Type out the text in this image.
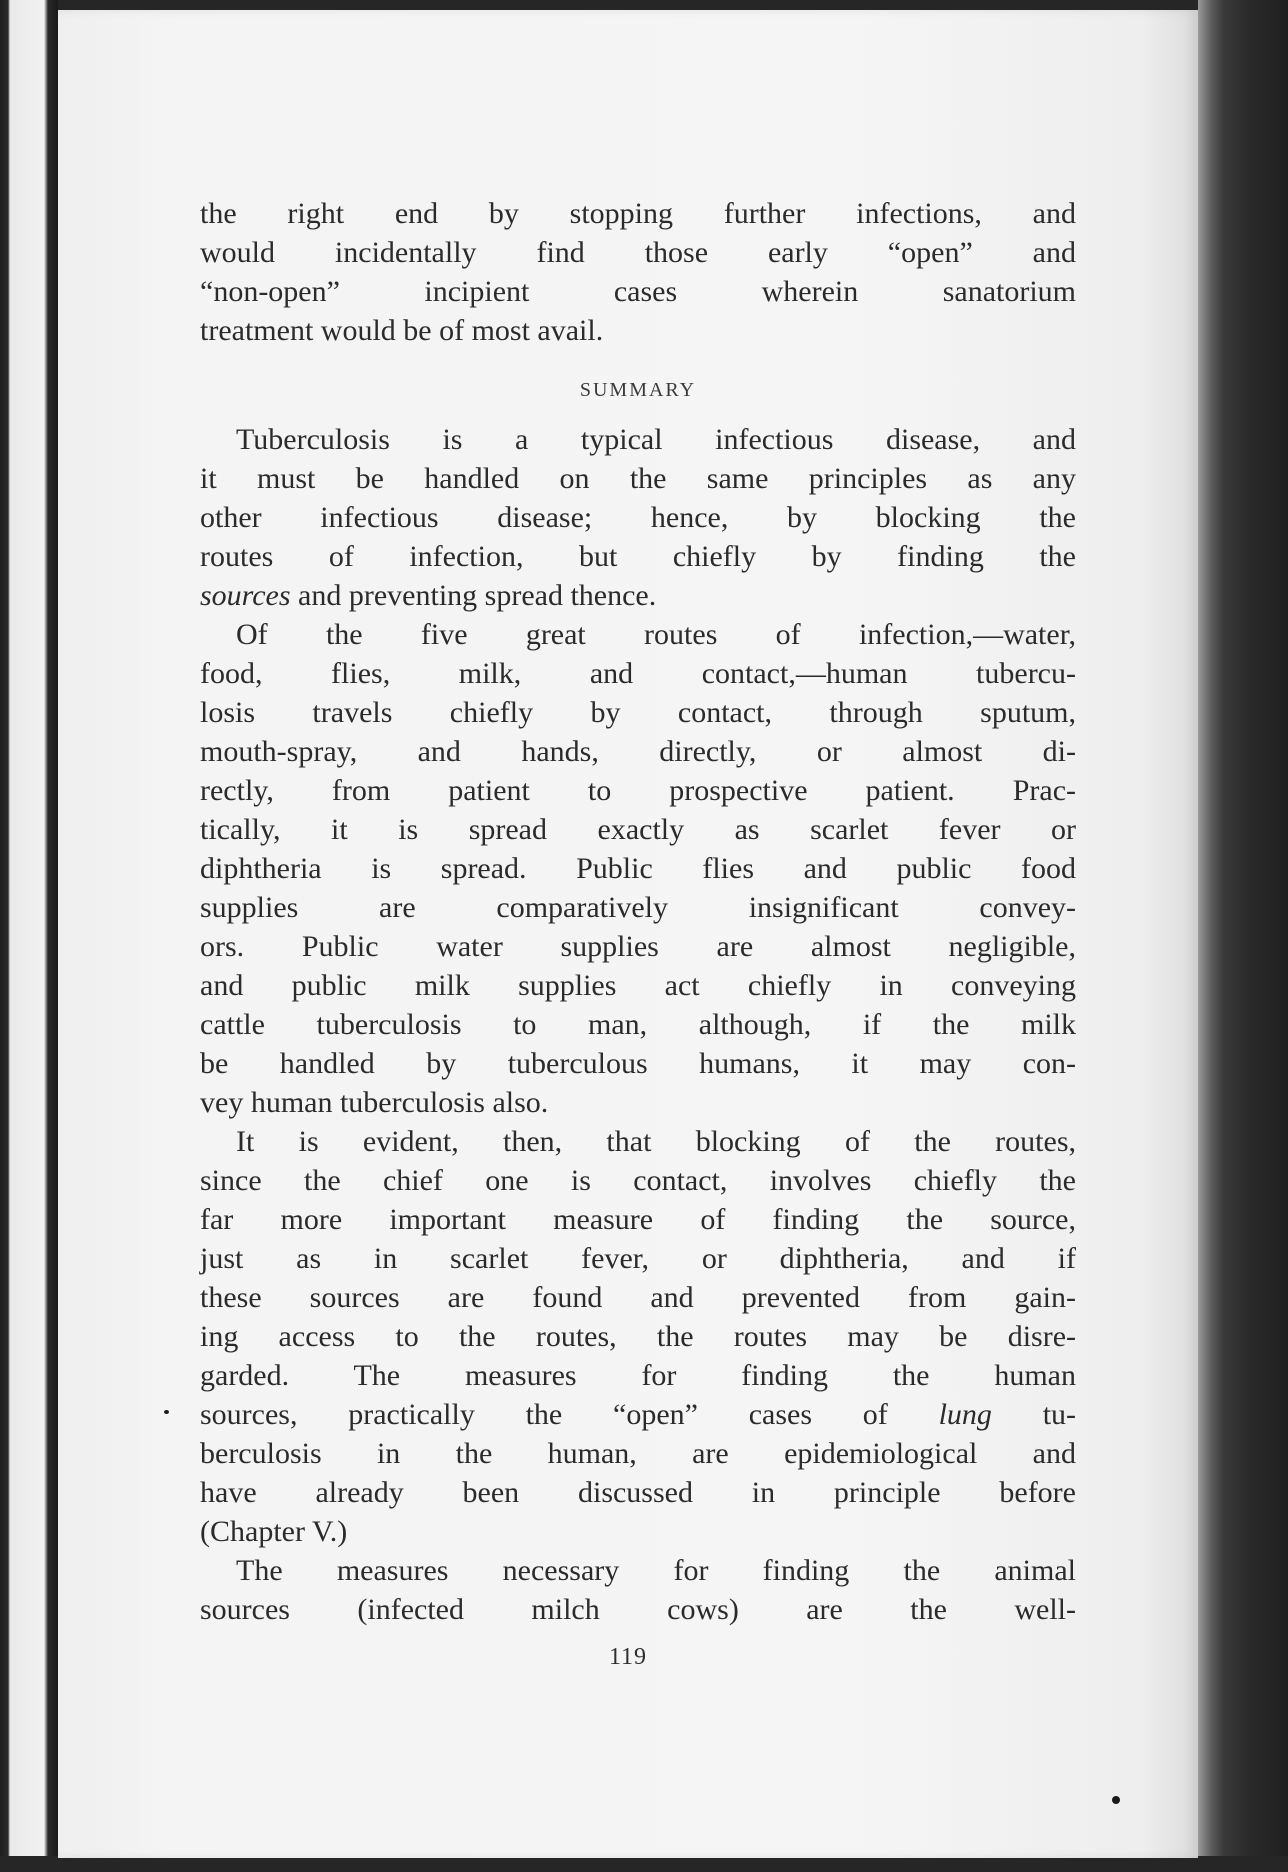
the right end by stopping further infections, and
would incidentally find those early “open” and
“non-open” incipient cases wherein sanatorium
treatment would be of most avail.
SUMMARY
Tuberculosis is a typical infectious disease, and
it must be handled on the same principles as any
other infectious disease; hence, by blocking the
routes of infection, but chiefly by finding the
sources and preventing spread thence.
Of the five great routes of infection,—water,
food, flies, milk, and contact,—human tubercu-
losis travels chiefly by contact, through sputum,
mouth-spray, and hands, directly, or almost di-
rectly, from patient to prospective patient. Prac-
tically, it is spread exactly as scarlet fever or
diphtheria is spread. Public flies and public food
supplies are comparatively insignificant convey-
ors. Public water supplies are almost negligible,
and public milk supplies act chiefly in conveying
cattle tuberculosis to man, although, if the milk
be handled by tuberculous humans, it may con-
vey human tuberculosis also.
It is evident, then, that blocking of the routes,
since the chief one is contact, involves chiefly the
far more important measure of finding the source,
just as in scarlet fever, or diphtheria, and if
these sources are found and prevented from gain-
ing access to the routes, the routes may be disre-
garded. The measures for finding the human
sources, practically the “open” cases of lung tu-
berculosis in the human, are epidemiological and
have already been discussed in principle before
(Chapter V.)
The measures necessary for finding the animal
sources (infected milch cows) are the well-
119
